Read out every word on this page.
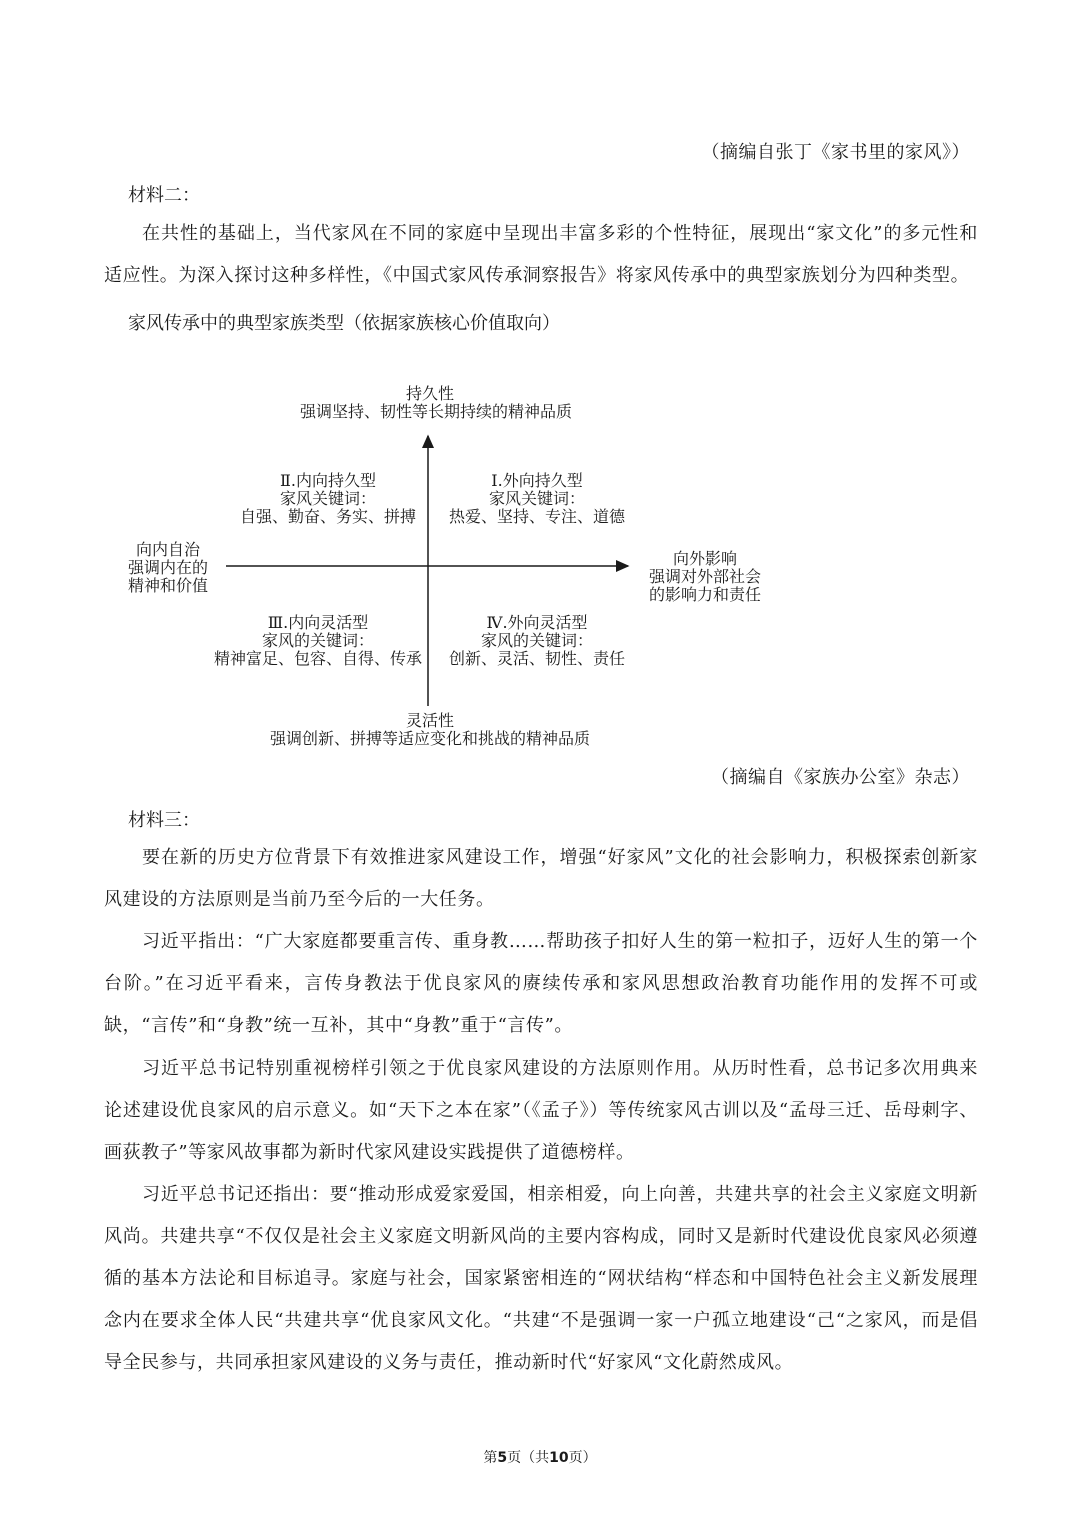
（摘编自张丁《家书里的家风》）
材料二：

在共性的基础上，当代家风在不同的家庭中呈现出丰富多彩的个性特征，展现出“家文化”的多元性和适应性。为深入探讨这种多样性，《中国式家风传承洞察报告》将家风传承中的典型家族划分为四种类型。

家风传承中的典型家族类型（依据家族核心价值取向）
持久性
强调坚持、韧性等长期持续的精神品质
灵活性
强调创新、拼搏等适应变化和挑战的精神品质
向内自治
强调内在的
精神和价值
向外影响
强调对外部社会
的影响力和责任
Ⅱ.内向持久型
家风关键词：
自强、勤奋、务实、拼搏
Ⅰ.外向持久型
家风关键词：
热爱、坚持、专注、道德
Ⅲ.内向灵活型
家风的关键词：
精神富足、包容、自得、传承
Ⅳ.外向灵活型
家风的关键词：
创新、灵活、韧性、责任
（摘编自《家族办公室》杂志）
材料三：

要在新的历史方位背景下有效推进家风建设工作，增强“好家风”文化的社会影响力，积极探索创新家风建设的方法原则是当前乃至今后的一大任务。

习近平指出：“广大家庭都要重言传、重身教……帮助孩子扣好人生的第一粒扣子，迈好人生的第一个台阶。”在习近平看来，言传身教法于优良家风的赓续传承和家风思想政治教育功能作用的发挥不可或缺，“言传”和“身教”统一互补，其中“身教”重于“言传”。

习近平总书记特别重视榜样引领之于优良家风建设的方法原则作用。从历时性看，总书记多次用典来论述建设优良家风的启示意义。如“天下之本在家”（《孟子》）等传统家风古训以及“孟母三迁、岳母刺字、画荻教子”等家风故事都为新时代家风建设实践提供了道德榜样。

习近平总书记还指出：要“推动形成爱家爱国，相亲相爱，向上向善，共建共享的社会主义家庭文明新风尚。共建共享“不仅仅是社会主义家庭文明新风尚的主要内容构成，同时又是新时代建设优良家风必须遵循的基本方法论和目标追寻。家庭与社会，国家紧密相连的“网状结构“样态和中国特色社会主义新发展理念内在要求全体人民“共建共享“优良家风文化。“共建“不是强调一家一户孤立地建设“己“之家风，而是倡导全民参与，共同承担家风建设的义务与责任，推动新时代“好家风“文化蔚然成风。

第5页（共10页）
